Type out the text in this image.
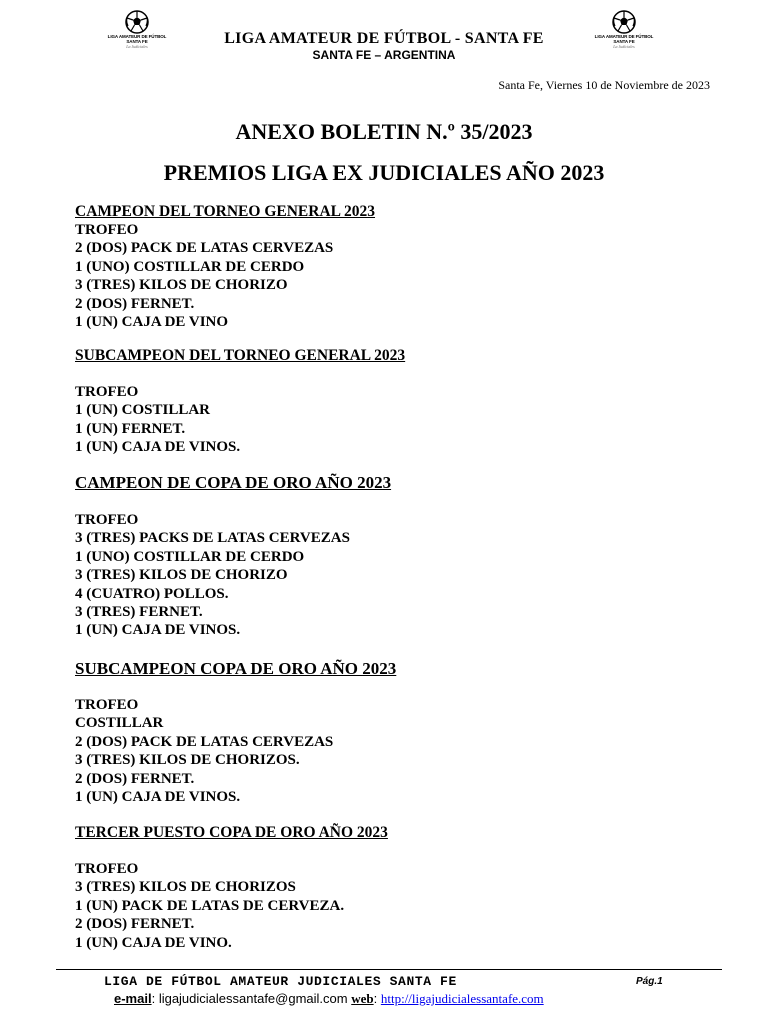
LIGA AMATEUR DE FÚTBOL SANTA FE
La Judiciales
LIGA AMATEUR DE FÚTBOL SANTA FE
La Judiciales
LIGA AMATEUR DE FÚTBOL - SANTA FE
SANTA FE – ARGENTINA
Santa Fe, Viernes 10 de Noviembre de 2023
ANEXO BOLETIN N.º 35/2023
PREMIOS LIGA EX JUDICIALES AÑO 2023
CAMPEON DEL TORNEO GENERAL 2023
TROFEO
2 (DOS) PACK DE LATAS CERVEZAS
1 (UNO) COSTILLAR DE CERDO
3 (TRES) KILOS DE CHORIZO
2 (DOS) FERNET.
1 (UN) CAJA DE VINO
SUBCAMPEON DEL TORNEO GENERAL 2023
TROFEO
1 (UN) COSTILLAR
1 (UN) FERNET.
1 (UN) CAJA DE VINOS.
CAMPEON DE COPA DE ORO AÑO 2023
TROFEO
3 (TRES) PACKS DE LATAS CERVEZAS
1 (UNO) COSTILLAR DE CERDO
3 (TRES) KILOS DE CHORIZO
4 (CUATRO) POLLOS.
3 (TRES) FERNET.
1 (UN) CAJA DE VINOS.
SUBCAMPEON COPA DE ORO AÑO 2023
TROFEO
COSTILLAR
2 (DOS) PACK DE LATAS CERVEZAS
3 (TRES) KILOS DE CHORIZOS.
2 (DOS) FERNET.
1 (UN) CAJA DE VINOS.
TERCER PUESTO COPA DE ORO AÑO 2023
TROFEO
3 (TRES) KILOS DE CHORIZOS
1 (UN) PACK DE LATAS DE CERVEZA.
2 (DOS) FERNET.
1 (UN) CAJA DE VINO.
LIGA DE FÚTBOL AMATEUR JUDICIALES SANTA FE	Pág.1
e-mail: ligajudicialessantafe@gmail.com web: http://ligajudicialessantafe.com
